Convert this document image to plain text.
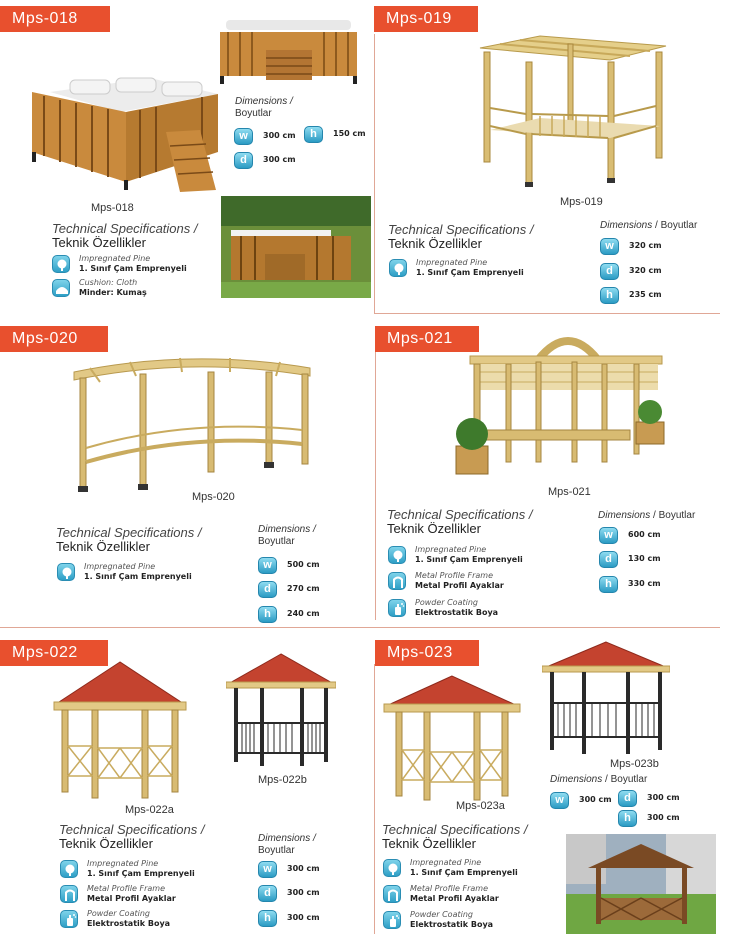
Mps-018
Mps-018
Dimensions /
Boyutlar
w	300 cm	h	150 cm
d	300 cm
Technical Specifications /
Teknik Özellikler
Impregnated Pine
1. Sınıf Çam Emprenyeli
Cushion: Cloth
Minder: Kumaş
Mps-019
Mps-019
Technical Specifications /
Teknik Özellikler
Impregnated Pine
1. Sınıf Çam Emprenyeli
Dimensions / Boyutlar
w	320 cm
d	320 cm
h	235 cm
Mps-020
Mps-020
Technical Specifications /
Teknik Özellikler
Impregnated Pine
1. Sınıf Çam Emprenyeli
Dimensions /
Boyutlar
w	500 cm
d	270 cm
h	240 cm
Mps-021
Mps-021
Technical Specifications /
Teknik Özellikler
Impregnated Pine
1. Sınıf Çam Emprenyeli
Metal Profile Frame
Metal Profil Ayaklar
Powder Coating
Elektrostatik Boya
Dimensions / Boyutlar
w	600 cm
d	130 cm
h	330 cm
Mps-022
Mps-022a
Mps-022b
Technical Specifications /
Teknik Özellikler
Impregnated Pine
1. Sınıf Çam Emprenyeli
Metal Profile Frame
Metal Profil Ayaklar
Powder Coating
Elektrostatik Boya
Dimensions /
Boyutlar
w	300 cm
d	300 cm
h	300 cm
Mps-023
Mps-023a
Mps-023b
Dimensions / Boyutlar
w	300 cm	d	300 cm
h	300 cm
Technical Specifications /
Teknik Özellikler
Impregnated Pine
1. Sınıf Çam Emprenyeli
Metal Profile Frame
Metal Profil Ayaklar
Powder Coating
Elektrostatik Boya
